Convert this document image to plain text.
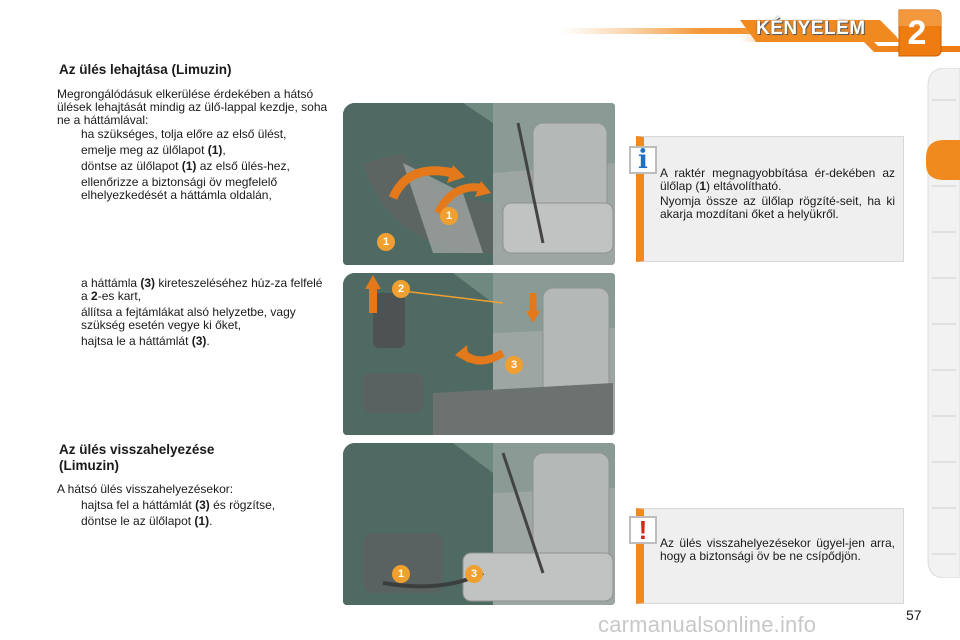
KÉNYELEM	2
Az ülés lehajtása (Limuzin)
Megrongálódásuk elkerülése érdekében a hátsó ülések lehajtását mindig az ülő-lappal kezdje, soha ne a háttámlával:
ha szükséges, tolja előre az első ülést,
emelje meg az ülőlapot (1),
döntse az ülőlapot (1) az első ülés-hez,
ellenőrizze a biztonsági öv megfelelő elhelyezkedését a háttámla oldalán,
a háttámla (3) kireteszeléséhez húz-za felfelé a 2-es kart,
állítsa a fejtámlákat alsó helyzetbe, vagy szükség esetén vegye ki őket,
hajtsa le a háttámlát (3).
Az ülés visszahelyezése
(Limuzin)
A hátsó ülés visszahelyezésekor:
hajtsa fel a háttámlát (3) és rögzítse,
döntse le az ülőlapot (1).
1
1
2
3
1	3
A raktér megnagyobbítása ér-dekében az ülőlap (1) eltávolítható.
Nyomja össze az ülőlap rögzíté-seit, ha ki akarja mozdítani őket a helyükről.
i
Az ülés visszahelyezésekor ügyel-jen arra, hogy a biztonsági öv be ne csípődjön.
!
carmanualsonline.info	57
